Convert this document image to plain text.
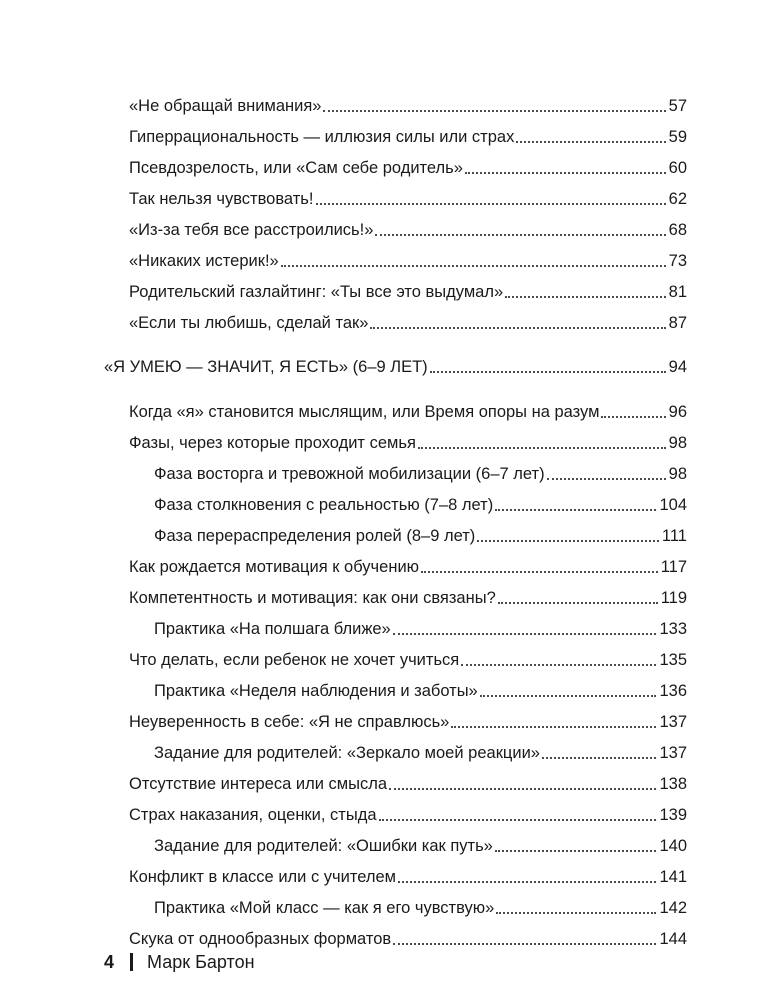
«Не обращай внимания»	57
Гиперрациональность — иллюзия силы или страх	59
Псевдозрелость, или «Сам себе родитель»	60
Так нельзя чувствовать!	62
«Из-за тебя все расстроились!»	68
«Никаких истерик!»	73
Родительский газлайтинг: «Ты все это выдумал»	81
«Если ты любишь, сделай так»	87
«Я УМЕЮ — ЗНАЧИТ, Я ЕСТЬ» (6–9 ЛЕТ)	94
Когда «я» становится мыслящим, или Время опоры на разум	96
Фазы, через которые проходит семья	98
Фаза восторга и тревожной мобилизации (6–7 лет)	98
Фаза столкновения с реальностью (7–8 лет)	104
Фаза перераспределения ролей (8–9 лет)	111
Как рождается мотивация к обучению	117
Компетентность и мотивация: как они связаны?	119
Практика «На полшага ближе»	133
Что делать, если ребенок не хочет учиться	135
Практика «Неделя наблюдения и заботы»	136
Неуверенность в себе: «Я не справлюсь»	137
Задание для родителей: «Зеркало моей реакции»	137
Отсутствие интереса или смысла	138
Страх наказания, оценки, стыда	139
Задание для родителей: «Ошибки как путь»	140
Конфликт в классе или с учителем	141
Практика «Мой класс — как я его чувствую»	142
Скука от однообразных форматов	144
4 Марк Бартон
